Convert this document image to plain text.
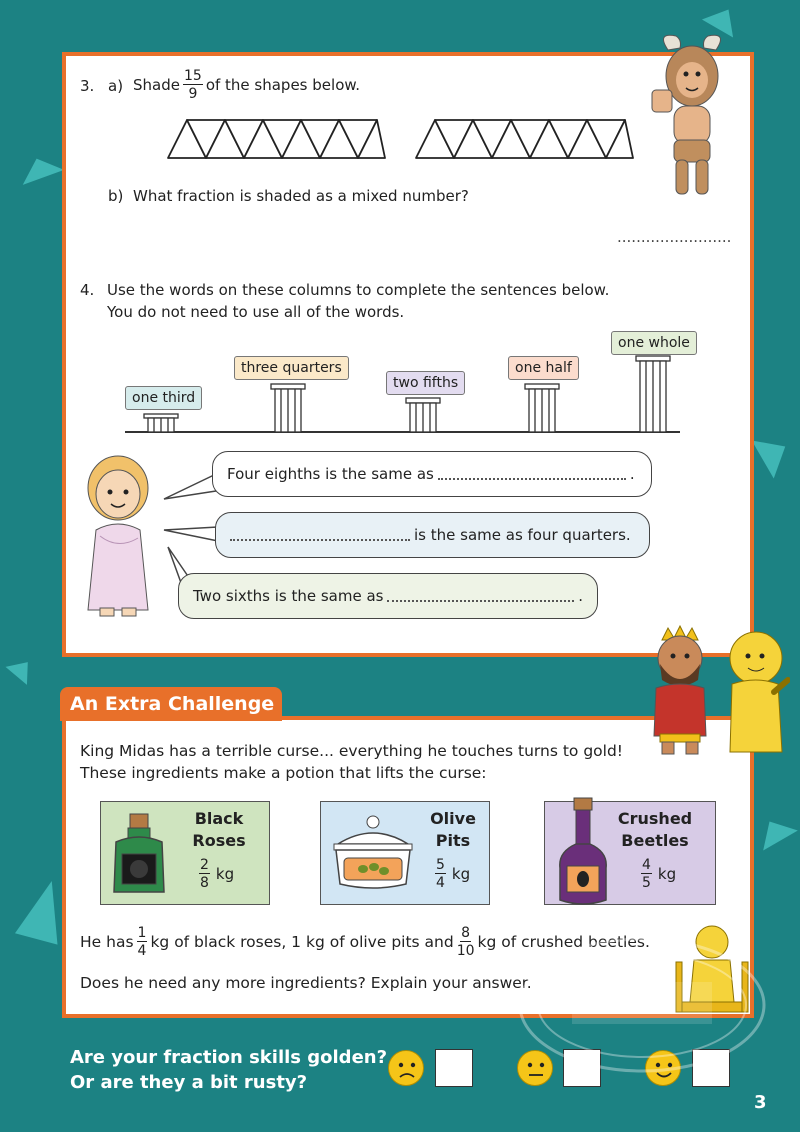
3. a) Shade $\frac{15}{9}$ of the shapes below.
b) What fraction is shaded as a mixed number?
........................
4. Use the words on these columns to complete the sentences below.
You do not need to use all of the words.
one third
three quarters
two fifths
one half
one whole
Four eighths is the same as	.
is the same as four quarters.
Two sixths is the same as	.
An Extra Challenge
King Midas has a terrible curse... everything he touches turns to gold!
These ingredients make a potion that lifts the curse:
Black
Roses
$\frac{2}{8}$ kg
Olive
Pits
$\frac{5}{4}$ kg
Crushed
Beetles
$\frac{4}{5}$ kg
He has $\frac{1}{4}$ kg of black roses, 1 kg of olive pits and $\frac{8}{10}$ kg of crushed beetles.
Does he need any more ingredients? Explain your answer.
Are your fraction skills golden?
Or are they a bit rusty?
3
